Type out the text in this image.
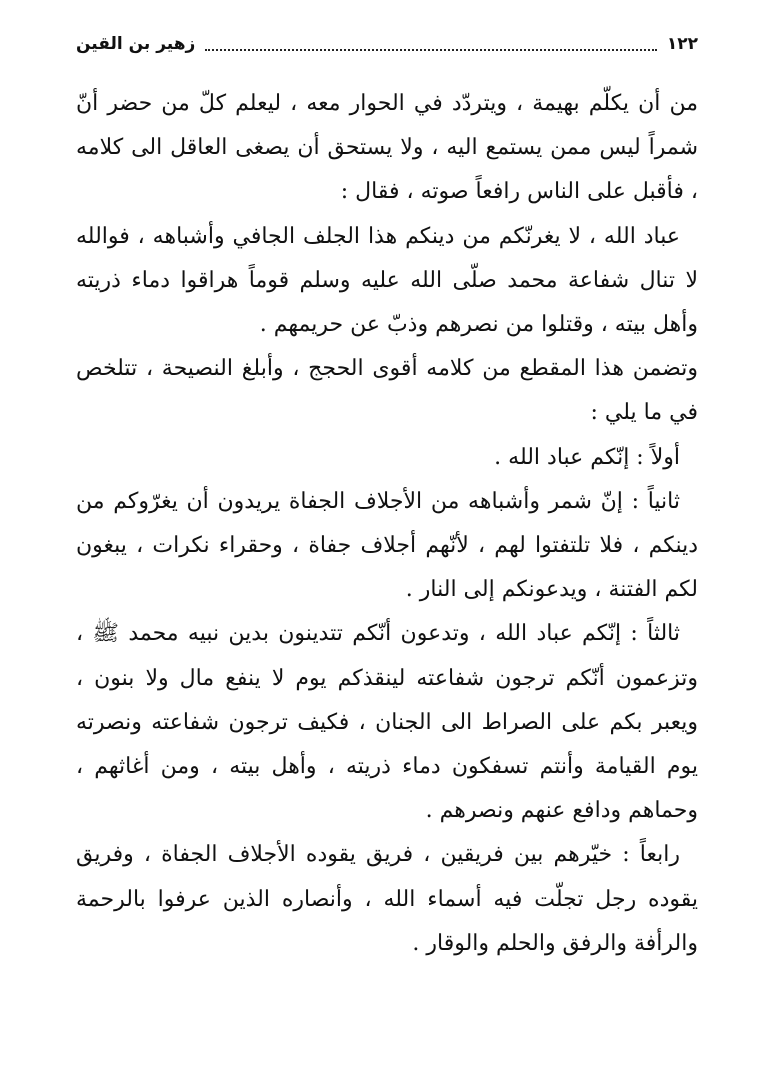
١٢٢
زهير بن القين

من أن يكلّم بهيمة ، ويتردّد في الحوار معه ، ليعلم كلّ من حضر أنّ شمراً ليس ممن يستمع اليه ، ولا يستحق أن يصغى العاقل الى كلامه ، فأقبل على الناس رافعاً صوته ، فقال :

عباد الله ، لا يغرنّكم من دينكم هذا الجلف الجافي وأشباهه ، فوالله لا تنال شفاعة محمد صلّى الله عليه وسلم قوماً هراقوا دماء ذريته وأهل بيته ، وقتلوا من نصرهم وذبّ عن حريمهم .

وتضمن هذا المقطع من كلامه أقوى الحجج ، وأبلغ النصيحة ، تتلخص في ما يلي :

أولاً : إنّكم عباد الله .

ثانياً : إنّ شمر وأشباهه من الأجلاف الجفاة يريدون أن يغرّوكم من دينكم ، فلا تلتفتوا لهم ، لأنّهم أجلاف جفاة ، وحقراء نكرات ، يبغون لكم الفتنة ، ويدعونكم إلى النار .

ثالثاً : إنّكم عباد الله ، وتدعون أنّكم تتدينون بدين نبيه محمد ﷺ ، وتزعمون أنّكم ترجون شفاعته لينقذكم يوم لا ينفع مال ولا بنون ، ويعبر بكم على الصراط الى الجنان ، فكيف ترجون شفاعته ونصرته يوم القيامة وأنتم تسفكون دماء ذريته ، وأهل بيته ، ومن أغاثهم ، وحماهم ودافع عنهم ونصرهم .

رابعاً : خيّرهم بين فريقين ، فريق يقوده الأجلاف الجفاة ، وفريق يقوده رجل تجلّت فيه أسماء الله ، وأنصاره الذين عرفوا بالرحمة والرأفة والرفق والحلم والوقار .
